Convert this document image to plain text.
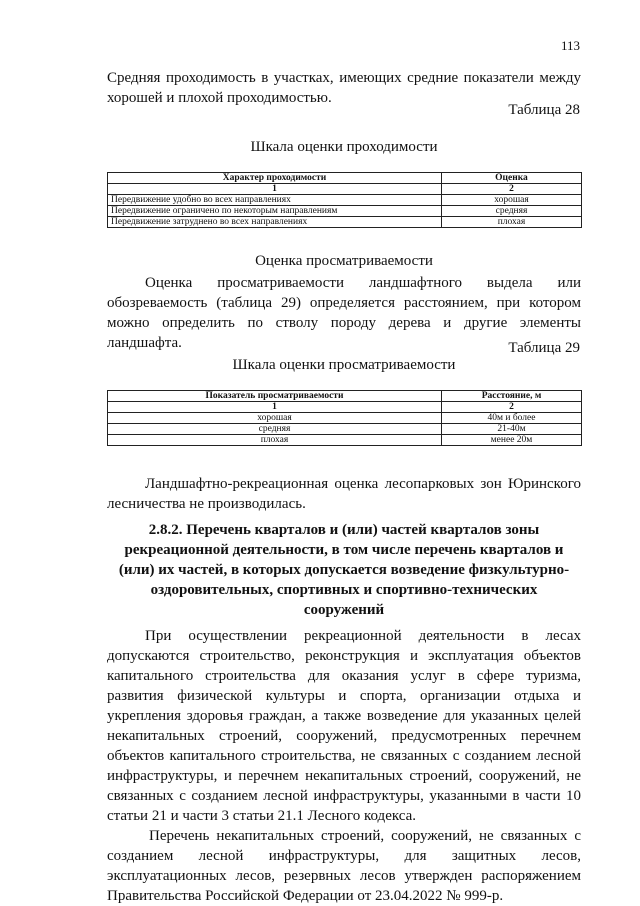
113
Средняя проходимость в участках, имеющих средние показатели между
хорошей и плохой проходимостью.
Таблица 28
Шкала оценки проходимости
Характер проходимости	Оценка
1	2
Передвижение удобно во всех направлениях	хорошая
Передвижение ограничено по некоторым направлениям	средняя
Передвижение затруднено во всех направлениях	плохая
Оценка просматриваемости
Оценка просматриваемости ландшафтного выдела или
обозреваемость (таблица 29) определяется расстоянием, при котором
можно определить по стволу породу дерева и другие элементы
ландшафта.	Таблица 29
Шкала оценки просматриваемости
Показатель просматриваемости	Расстояние, м
1	2
хорошая	40м и более
средняя	21-40м
плохая	менее 20м
Ландшафтно-рекреационная оценка лесопарковых зон Юринского
лесничества не производилась.
2.8.2. Перечень кварталов и (или) частей кварталов зоны
рекреационной деятельности, в том числе перечень кварталов и
(или) их частей, в которых допускается возведение физкультурно-
оздоровительных, спортивных и спортивно-технических
сооружений
При осуществлении рекреационной деятельности в лесах
допускаются строительство, реконструкция и эксплуатация объектов
капитального строительства для оказания услуг в сфере туризма,
развития физической культуры и спорта, организации отдыха и
укрепления здоровья граждан, а также возведение для указанных целей
некапитальных строений, сооружений, предусмотренных перечнем
объектов капитального строительства, не связанных с созданием лесной
инфраструктуры, и перечнем некапитальных строений, сооружений, не
связанных с созданием лесной инфраструктуры, указанными в части 10
статьи 21 и части 3 статьи 21.1 Лесного кодекса.
Перечень некапитальных строений, сооружений, не связанных с
созданием лесной инфраструктуры, для защитных лесов,
эксплуатационных лесов, резервных лесов утвержден распоряжением
Правительства Российской Федерации от 23.04.2022 № 999-р.
